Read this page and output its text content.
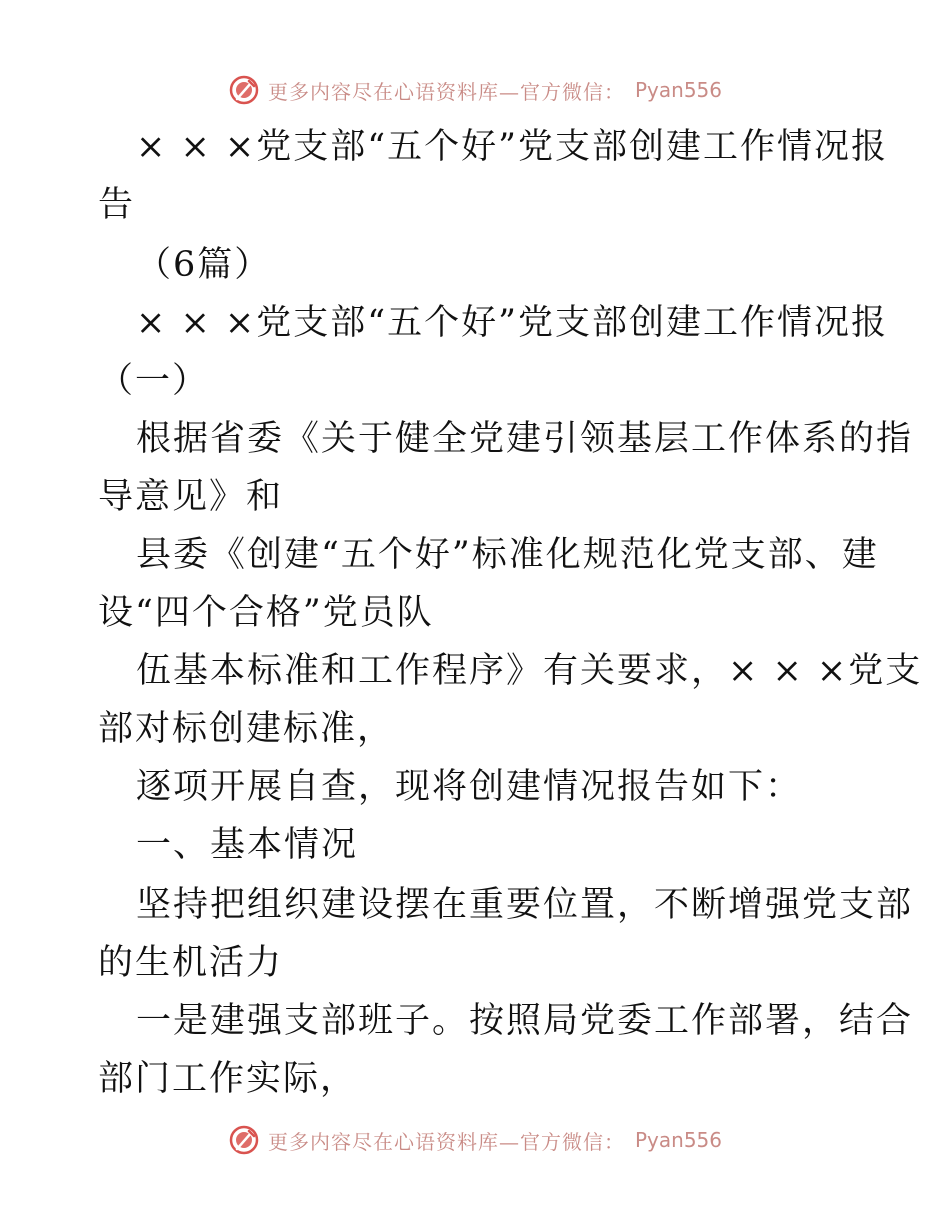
更多内容尽在心语资料库—官方微信： Pyan556
× × ×党支部“五个好”党支部创建工作情况报
告
（6篇）
× × ×党支部“五个好”党支部创建工作情况报
（一）
根据省委《关于健全党建引领基层工作体系的指
导意见》和
县委《创建“五个好”标准化规范化党支部、建
设“四个合格”党员队
伍基本标准和工作程序》有关要求，× × ×党支
部对标创建标准，
逐项开展自查，现将创建情况报告如下：
一、基本情况
坚持把组织建设摆在重要位置，不断增强党支部
的生机活力
一是建强支部班子。按照局党委工作部署，结合
部门工作实际，
更多内容尽在心语资料库—官方微信： Pyan556
